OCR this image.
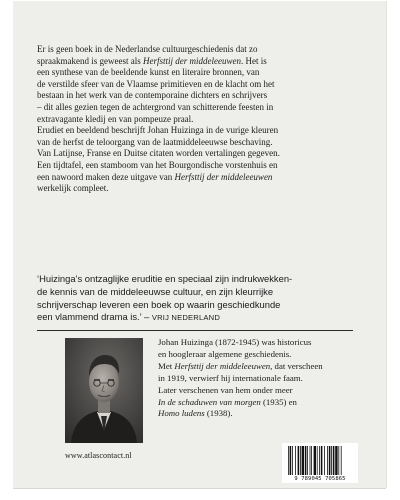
Er is geen boek in de Nederlandse cultuurgeschiedenis dat zo

spraakmakend is geweest als Herfsttij der middeleeuwen. Het is

een synthese van de beeldende kunst en literaire bronnen, van

de verstilde sfeer van de Vlaamse primitieven en de klacht om het

bestaan in het werk van de contemporaine dichters en schrijvers

– dit alles gezien tegen de achtergrond van schitterende feesten in

extravagante kledij en van pompeuze praal.

Erudiet en beeldend beschrijft Johan Huizinga in de vurige kleuren

van de herfst de teloorgang van de laatmiddeleeuwse beschaving.

Van Latijnse, Franse en Duitse citaten worden vertalingen gegeven.

Een tijdtafel, een stamboom van het Bourgondische vorstenhuis en

een nawoord maken deze uitgave van Herfsttij der middeleeuwen

werkelijk compleet.

‘Huizinga’s ontzaglijke eruditie en speciaal zijn indrukwekken-
de kennis van de middeleeuwse cultuur, en zijn kleurrijke
schrijverschap leveren een boek op waarin geschiedkunde
een vlammend drama is.’ – VRIJ NEDERLAND

Johan Huizinga (1872-1945) was historicus

en hoogleraar algemene geschiedenis.

Met Herfsttij der middeleeuwen, dat verscheen

in 1919, verwierf hij internationale faam.

Later verschenen van hem onder meer

In de schaduwen van morgen (1935) en

Homo ludens (1938).

www.atlascontact.nl
9 789045 705865
